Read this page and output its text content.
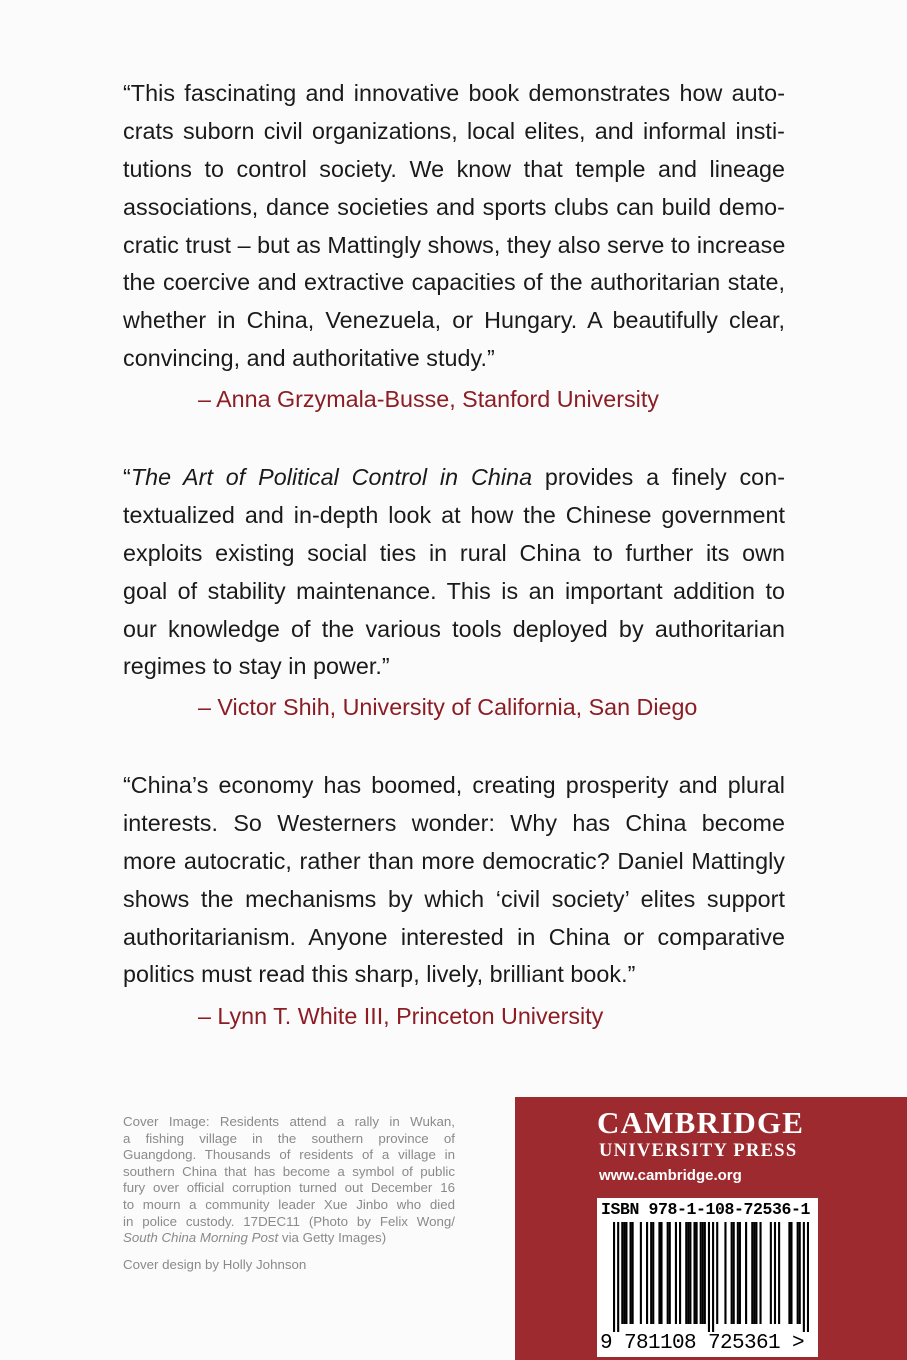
“This fascinating and innovative book demonstrates how auto-
crats suborn civil organizations, local elites, and informal insti-
tutions to control society. We know that temple and lineage
associations, dance societies and sports clubs can build demo-
cratic trust – but as Mattingly shows, they also serve to increase
the coercive and extractive capacities of the authoritarian state,
whether in China, Venezuela, or Hungary. A beautifully clear,
convincing, and authoritative study.”
– Anna Grzymala-Busse, Stanford University
“The Art of Political Control in China provides a finely con-
textualized and in-depth look at how the Chinese government
exploits existing social ties in rural China to further its own
goal of stability maintenance. This is an important addition to
our knowledge of the various tools deployed by authoritarian
regimes to stay in power.”
– Victor Shih, University of California, San Diego
“China’s economy has boomed, creating prosperity and plural
interests. So Westerners wonder: Why has China become
more autocratic, rather than more democratic? Daniel Mattingly
shows the mechanisms by which ‘civil society’ elites support
authoritarianism. Anyone interested in China or comparative
politics must read this sharp, lively, brilliant book.”
– Lynn T. White III, Princeton University
Cover Image: Residents attend a rally in Wukan,
a fishing village in the southern province of
Guangdong. Thousands of residents of a village in
southern China that has become a symbol of public
fury over official corruption turned out December 16
to mourn a community leader Xue Jinbo who died
in police custody. 17DEC11 (Photo by Felix Wong/
South China Morning Post via Getty Images)
Cover design by Holly Johnson
CAMBRIDGE
UNIVERSITY PRESS
www.cambridge.org
ISBN 978-1-108-72536-1
9 781108 725361 >
